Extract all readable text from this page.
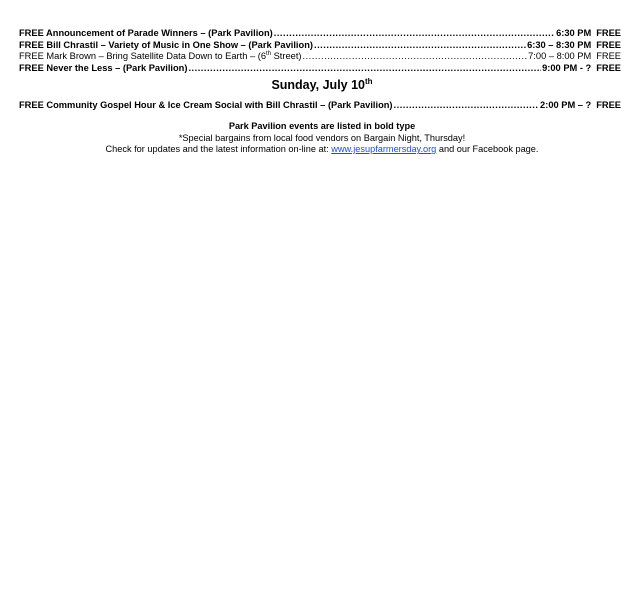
FREE Announcement of Parade Winners – (Park Pavilion) .....	6:30 PM FREE
FREE Bill Chrastil – Variety of Music in One Show – (Park Pavilion) .....	6:30 – 8:30 PM FREE
FREE Mark Brown – Bring Satellite Data Down to Earth – (6th Street) .....	7:00 – 8:00 PM FREE
FREE Never the Less – (Park Pavilion) .....	9:00 PM - ? FREE
Sunday, July 10th
FREE Community Gospel Hour & Ice Cream Social with Bill Chrastil – (Park Pavilion) .....	2:00 PM – ? FREE
Park Pavilion events are listed in bold type
*Special bargains from local food vendors on Bargain Night, Thursday!
Check for updates and the latest information on-line at: www.jesupfarmersday.org and our Facebook page.
